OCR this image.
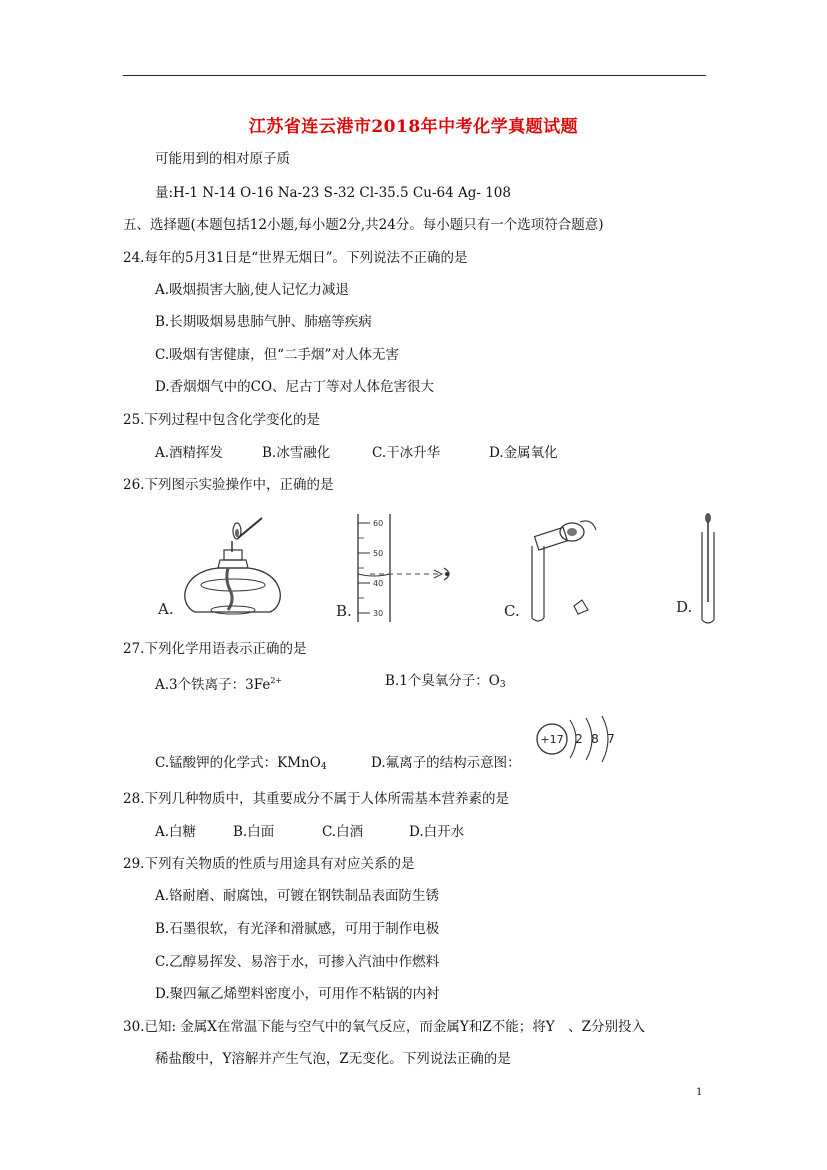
江苏省连云港市2018年中考化学真题试题
可能用到的相对原子质
量:H-1 N-14 O-16 Na-23 S-32 Cl-35.5 Cu-64 Ag- 108
五、选择题(本题包括12小题,每小题2分,共24分。每小题只有一个选项符合题意)
24.每年的5月31日是“世界无烟日”。下列说法不正确的是
A.吸烟损害大脑,使人记忆力减退
B.长期吸烟易患肺气肿、肺癌等疾病
C.吸烟有害健康，但“二手烟”对人体无害
D.香烟烟气中的CO、尼古丁等对人体危害很大
25.下列过程中包含化学变化的是
A.酒精挥发	B.冰雪融化	C.干冰升华	D.金属氧化
26.下列图示实验操作中，正确的是
A.
60
50
40
30
B.	C.	D.
27.下列化学用语表示正确的是
A.3个铁离子：$3Fe^{2+}$	B.1个臭氧分子：$O_3$
+17 2 8 7
C.锰酸钾的化学式：KMnO$_4$	D.氟离子的结构示意图：
28.下列几种物质中，其重要成分不属于人体所需基本营养素的是
A.白糖	B.白面	C.白酒	D.白开水
29.下列有关物质的性质与用途具有对应关系的是
A.铬耐磨、耐腐蚀，可镀在钢铁制品表面防生锈
B.石墨很软，有光泽和滑腻感，可用于制作电极
C.乙醇易挥发、易溶于水，可掺入汽油中作燃料
D.聚四氟乙烯塑料密度小，可用作不粘锅的内衬
30.已知: 金属X在常温下能与空气中的氧气反应，而金属Y和Z不能；将Y　、Z分别投入
稀盐酸中，Y溶解并产生气泡，Z无变化。下列说法正确的是
1
